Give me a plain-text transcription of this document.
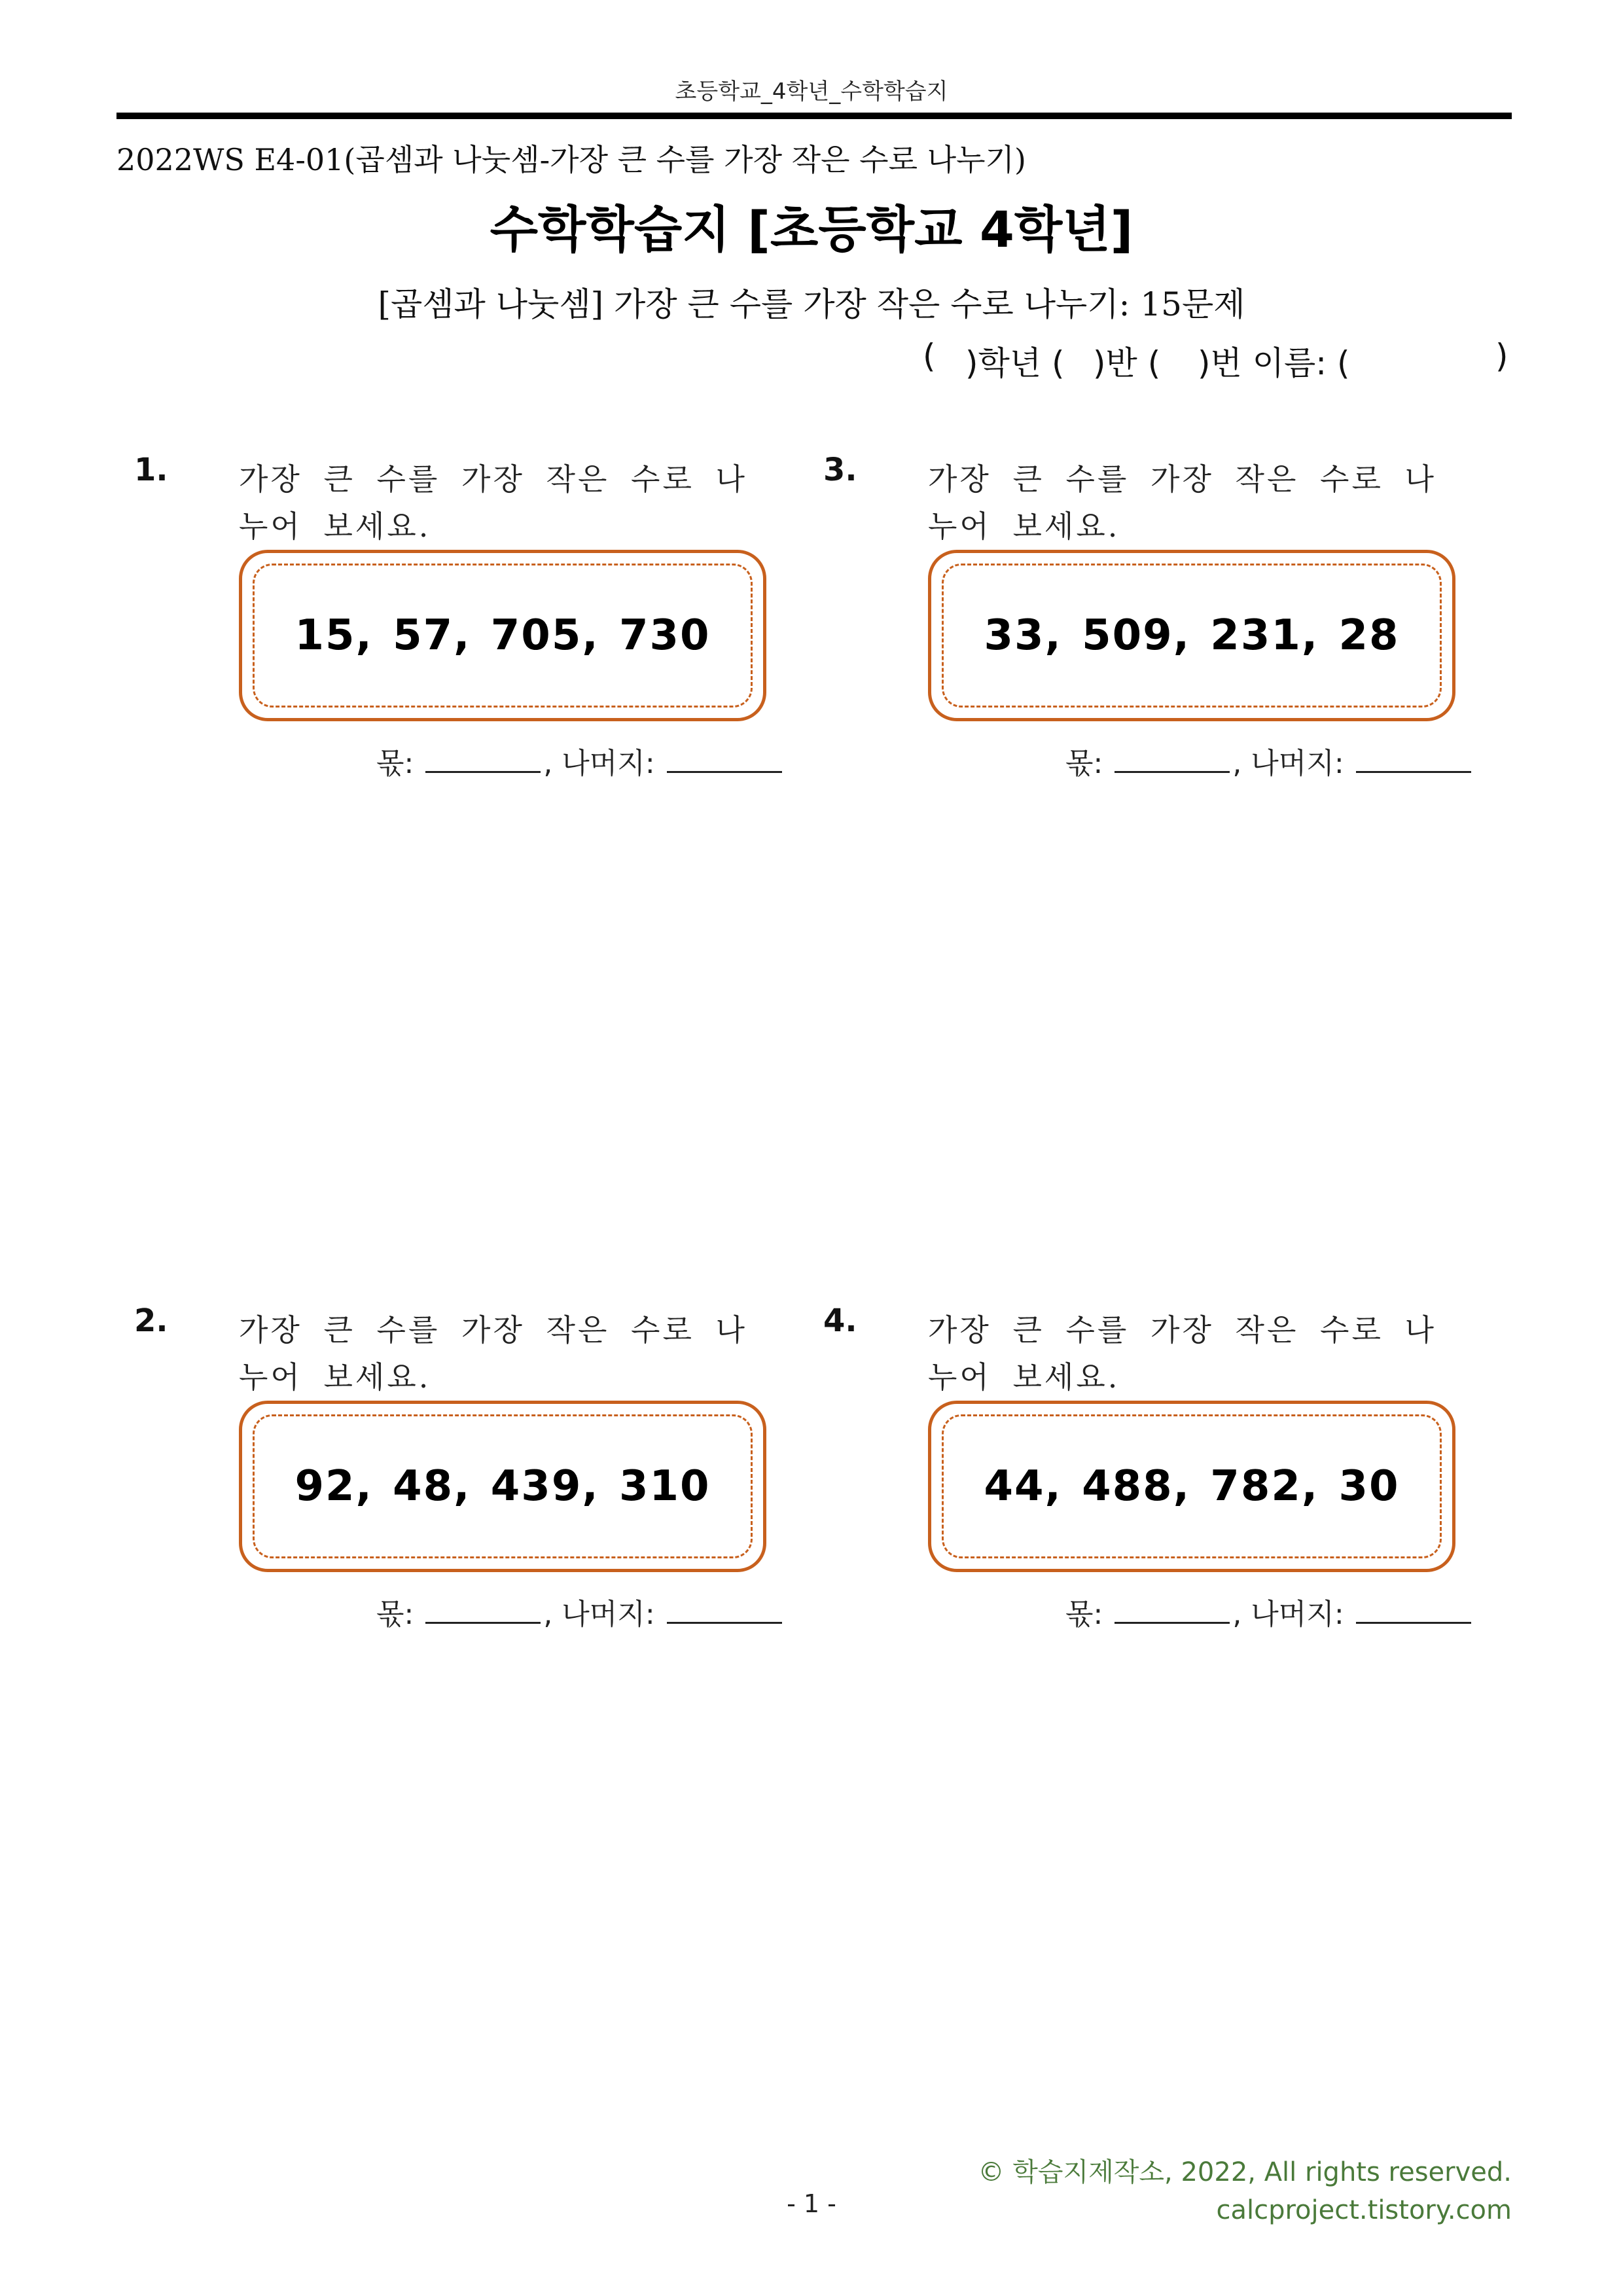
초등학교_4학년_수학학습지
2022WS E4-01(곱셈과 나눗셈-가장 큰 수를 가장 작은 수로 나누기)
수학학습지 [초등학교 4학년]
[곱셈과 나눗셈] 가장 큰 수를 가장 작은 수로 나누기: 15문제
( )학년 ( )반 ( )번 이름: (	)
1. 가장 큰 수를 가장 작은 수로 나누어 보세요.
15, 57, 705, 730
몫:	, 나머지:
3. 가장 큰 수를 가장 작은 수로 나누어 보세요.
33, 509, 231, 28
몫:	, 나머지:
2. 가장 큰 수를 가장 작은 수로 나누어 보세요.
92, 48, 439, 310
몫:	, 나머지:
4. 가장 큰 수를 가장 작은 수로 나누어 보세요.
44, 488, 782, 30
몫:	, 나머지:
- 1 -
© 학습지제작소, 2022, All rights reserved.
calcproject.tistory.com
